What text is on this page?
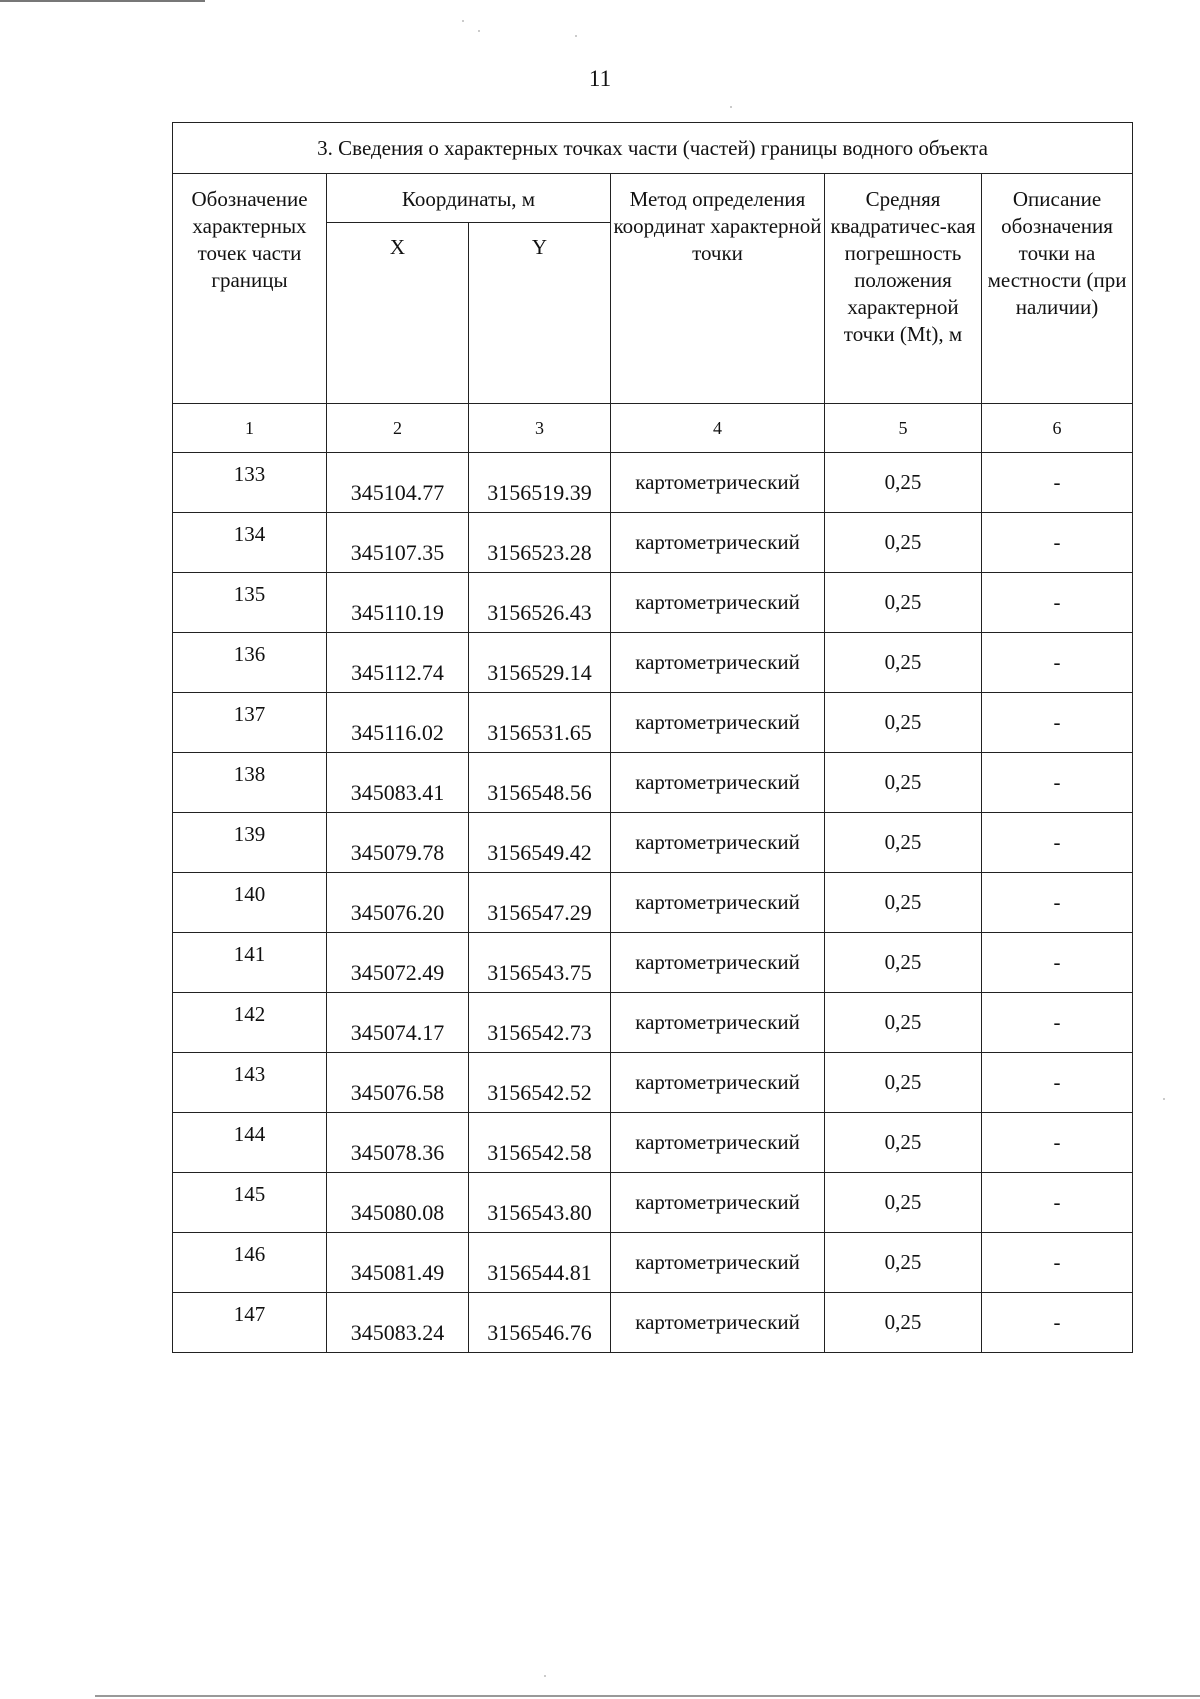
11
3. Сведения о характерных точках части (частей) границы водного объекта					
Обозначение характерных точек части границы	Координаты, м		Метод определения координат характерной точки	Средняя квадратичес-кая погрешность положения характерной точки (Mt), м	Описание обозначения точки на местности (при наличии)
	X	Y			
1	2	3	4	5	6
133	345104.77	3156519.39	картометрический	0,25	-
134	345107.35	3156523.28	картометрический	0,25	-
135	345110.19	3156526.43	картометрический	0,25	-
136	345112.74	3156529.14	картометрический	0,25	-
137	345116.02	3156531.65	картометрический	0,25	-
138	345083.41	3156548.56	картометрический	0,25	-
139	345079.78	3156549.42	картометрический	0,25	-
140	345076.20	3156547.29	картометрический	0,25	-
141	345072.49	3156543.75	картометрический	0,25	-
142	345074.17	3156542.73	картометрический	0,25	-
143	345076.58	3156542.52	картометрический	0,25	-
144	345078.36	3156542.58	картометрический	0,25	-
145	345080.08	3156543.80	картометрический	0,25	-
146	345081.49	3156544.81	картометрический	0,25	-
147	345083.24	3156546.76	картометрический	0,25	-
